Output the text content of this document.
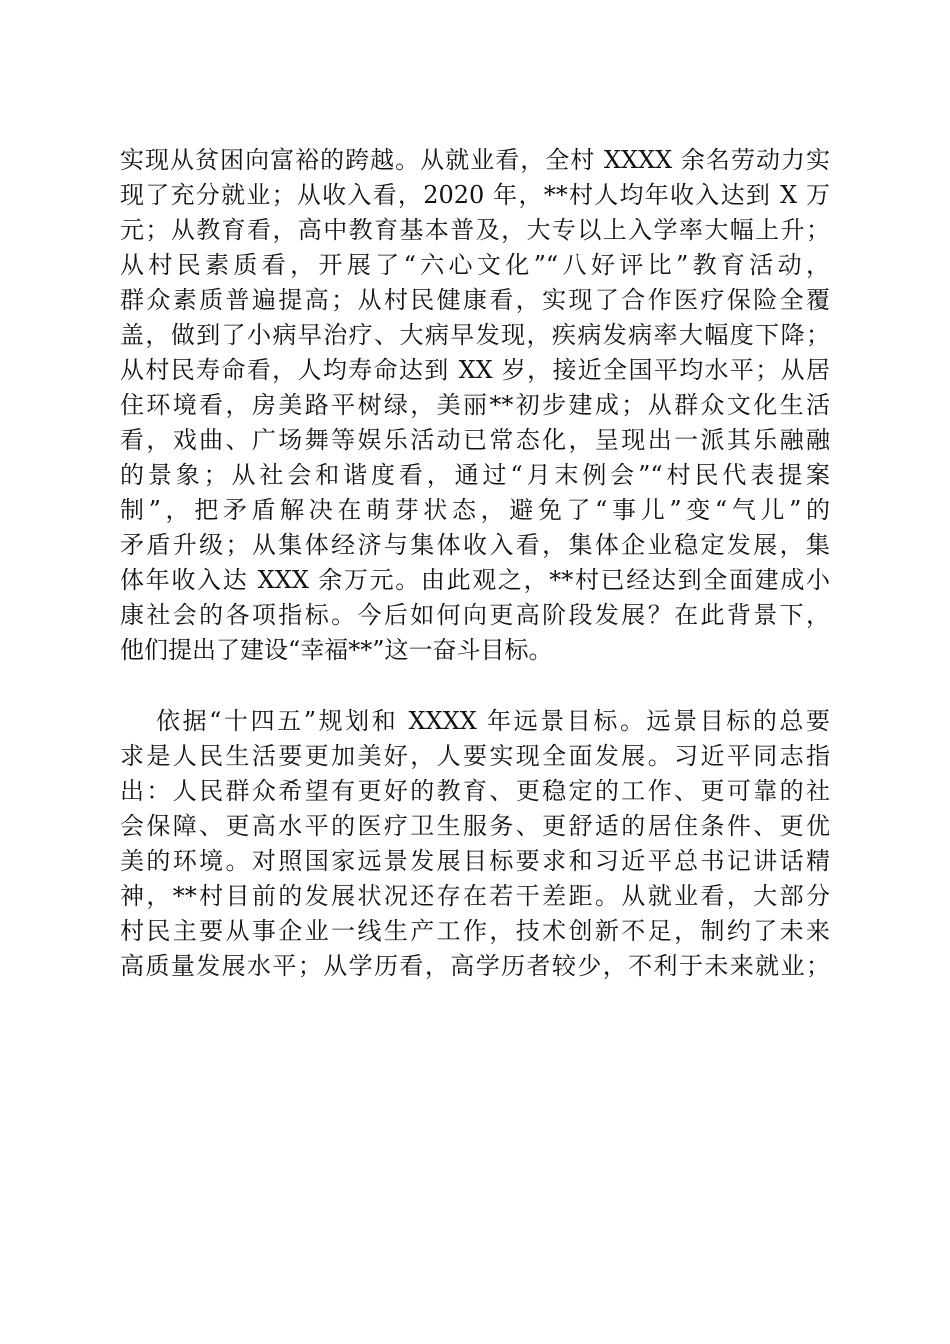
实现从贫困向富裕的跨越。从就业看，全村 XXXX 余名劳动力实
现了充分就业；从收入看，2020 年，**村人均年收入达到 X 万
元；从教育看，高中教育基本普及，大专以上入学率大幅上升；
从村民素质看，开展了“六心文化”“八好评比”教育活动，
群众素质普遍提高；从村民健康看，实现了合作医疗保险全覆
盖，做到了小病早治疗、大病早发现，疾病发病率大幅度下降；
从村民寿命看，人均寿命达到 XX 岁，接近全国平均水平；从居
住环境看，房美路平树绿，美丽**初步建成；从群众文化生活
看，戏曲、广场舞等娱乐活动已常态化，呈现出一派其乐融融
的景象；从社会和谐度看，通过“月末例会”“村民代表提案
制”，把矛盾解决在萌芽状态，避免了“事儿”变“气儿”的
矛盾升级；从集体经济与集体收入看，集体企业稳定发展，集
体年收入达 XXX 余万元。由此观之，**村已经达到全面建成小
康社会的各项指标。今后如何向更高阶段发展？在此背景下，
他们提出了建设“幸福**”这一奋斗目标。
依据“十四五”规划和 XXXX 年远景目标。远景目标的总要
求是人民生活要更加美好，人要实现全面发展。习近平同志指
出：人民群众希望有更好的教育、更稳定的工作、更可靠的社
会保障、更高水平的医疗卫生服务、更舒适的居住条件、更优
美的环境。对照国家远景发展目标要求和习近平总书记讲话精
神，**村目前的发展状况还存在若干差距。从就业看，大部分
村民主要从事企业一线生产工作，技术创新不足，制约了未来
高质量发展水平；从学历看，高学历者较少，不利于未来就业；
